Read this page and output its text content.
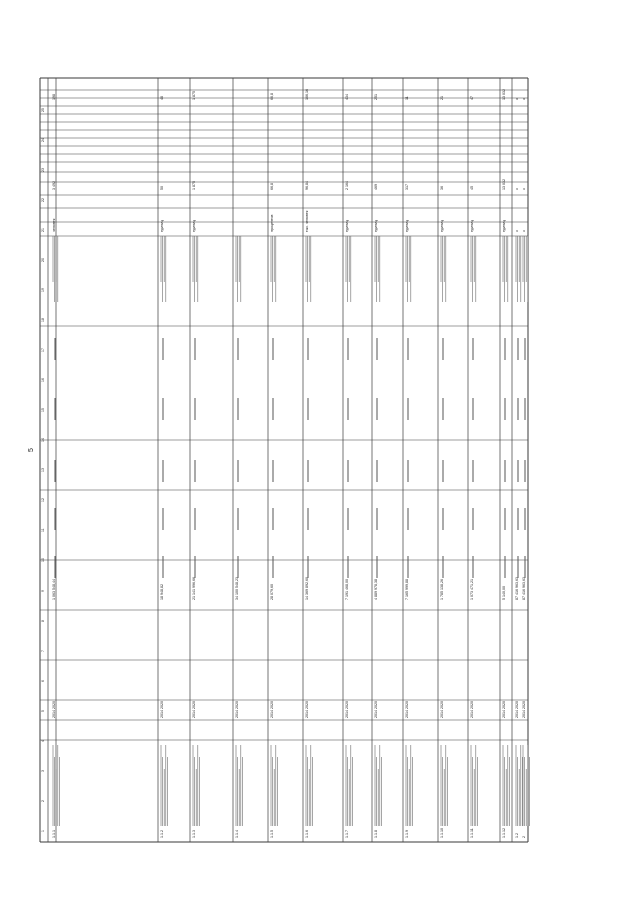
5
1
2
3
4
5
6
7
8
9
10
11
12
13
14
15
16
17
18
19
20
21
22
23
24
25
1.1.1
2014 2020
1 063 548,44
человек
3 492
198
1.1.2
2014 2020
18 948,82
единиц
50
48
1.1.3
2014 2020
21 141 996,66
единиц
1 875
1 875
1.1.4
2014 2020
34 100 548,23
1.1.5
2014 2020
28 079,60
процентов
66,8
66,8
1.1.6
2014 2020
14 369 892,60
тыс. человек
96,84
166,16
1.1.7
2014 2020
7 191 468,00
единиц
2 164
434
1.1.8
2014 2020
4 889 978,38
единиц
469
251
1.1.9
2014 2020
7 165 999,88
единиц
317
11
1.1.10
2014 2020
1 785 138,26
единиц
36
21
1.1.11
2014 2020
1 073 471,21
единиц
45
47
1.1.12
2014 2020
5 140,00
единиц
13 032
13 032
1.2
2014 2020
87 416 963,63
x
x
x
2
2014 2020
87 416 963,63
x
x
x
